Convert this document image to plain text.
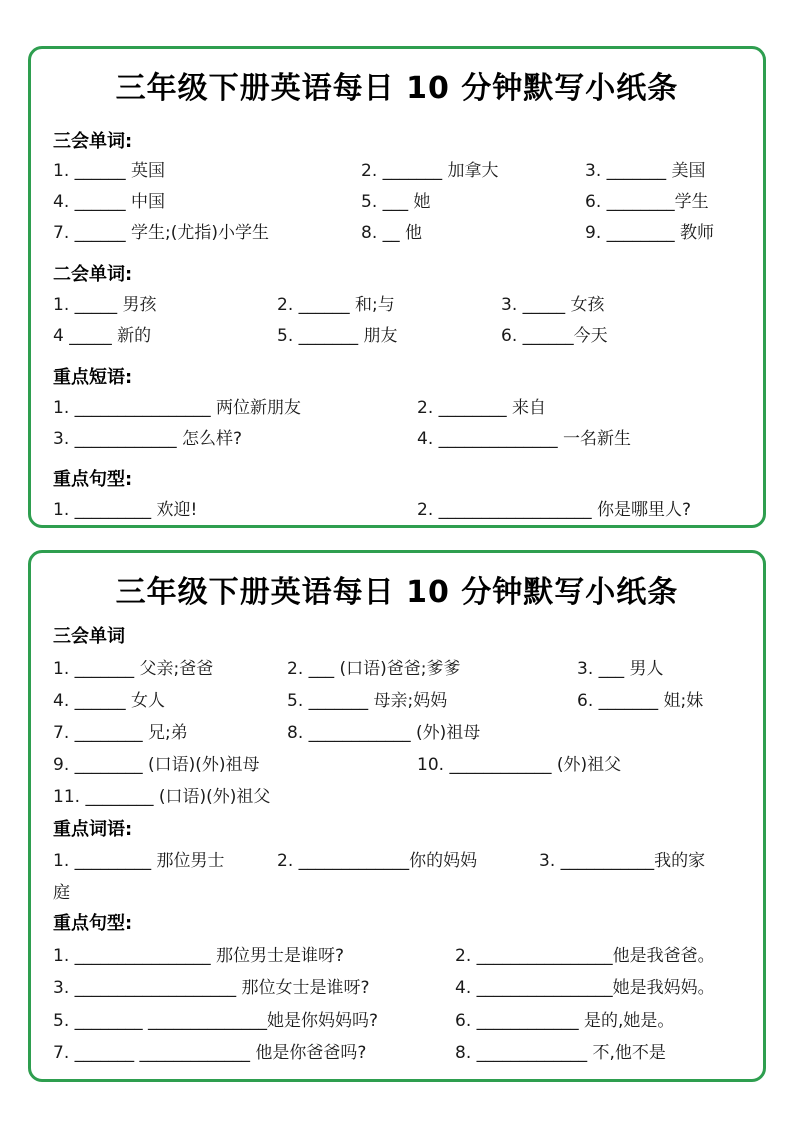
三年级下册英语每日 10 分钟默写小纸条
三会单词:
1. ______ 英国	2. _______ 加拿大	3. _______ 美国
4. ______ 中国	5. ___ 她	6. ________学生
7. ______ 学生;(尤指)小学生	8. __ 他	9. ________ 教师
二会单词:
1. _____ 男孩	2. ______ 和;与	3. _____ 女孩
4 _____ 新的	5. _______ 朋友	6. ______今天
重点短语:
1. ________________ 两位新朋友	2. ________ 来自
3. ____________ 怎么样?	4. ______________ 一名新生
重点句型:
1. _________ 欢迎!	2. __________________ 你是哪里人?
三年级下册英语每日 10 分钟默写小纸条
三会单词
1. _______ 父亲;爸爸	2. ___ (口语)爸爸;爹爹	3. ___ 男人
4. ______ 女人	5. _______ 母亲;妈妈	6. _______ 姐;妹
7. ________ 兄;弟	8. ____________ (外)祖母
9. ________ (口语)(外)祖母	10. ____________ (外)祖父
11. ________ (口语)(外)祖父
重点词语:
1. _________ 那位男士	2. _____________你的妈妈	3. ___________我的家
庭
重点句型:
1. ________________ 那位男士是谁呀?	2. ________________他是我爸爸。
3. ___________________ 那位女士是谁呀?	4. ________________她是我妈妈。
5. ________ ______________她是你妈妈吗?	6. ____________ 是的,她是。
7. _______ _____________ 他是你爸爸吗?	8. _____________ 不,他不是
